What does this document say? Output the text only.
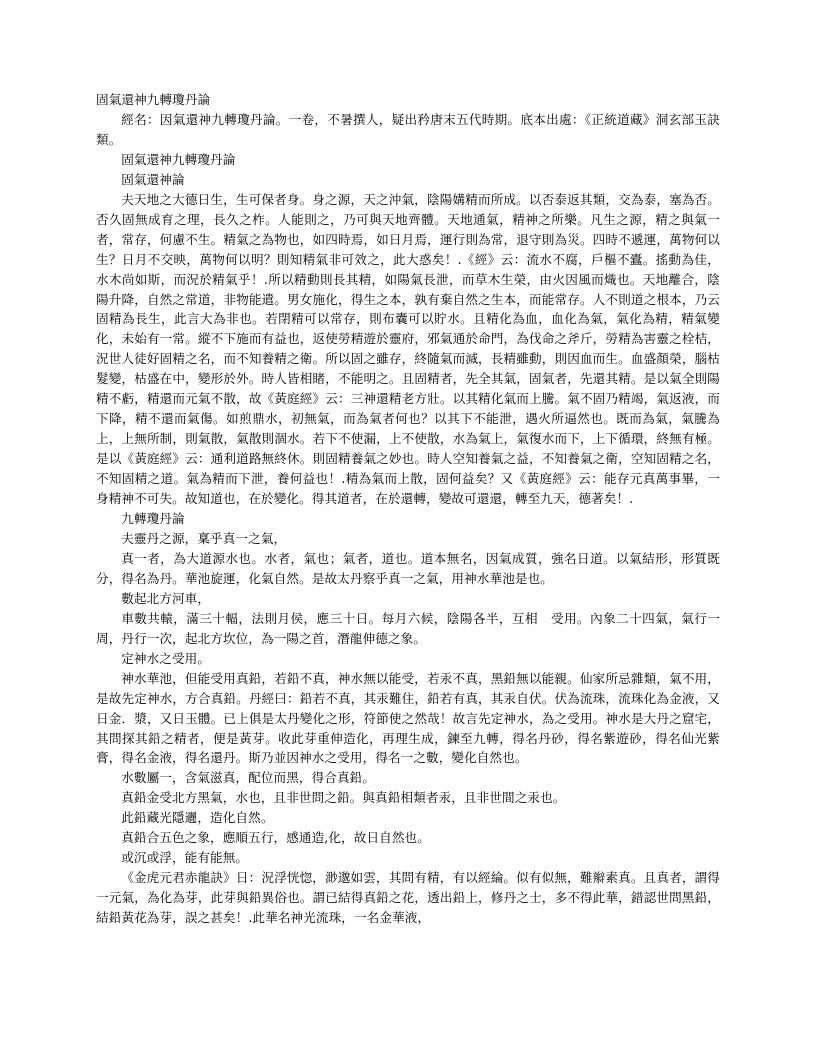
固氣還神九轉瓊丹論

經名：因氣還神九轉瓊丹論。一卷，不暑撰人，疑出矜唐末五代時期。底本出處：《正統道藏》洞玄部玉訣類。

固氣還神九轉瓊丹論

固氣還神論

夫天地之大德日生，生可保者身。身之源，天之沖氣，陰陽媾精而所成。以否泰返其類，交為泰，塞為否。否久固無成育之理，長久之柞。人能則之，乃可與天地齊體。天地通氣，精神之所樂。凡生之源，精之與氣一者，常存，何慮不生。精氣之為物也，如四時焉，如日月焉，運行則為常，退守則為災。四時不遞運，萬物何以生？日月不交映，萬物何以明？則知精氣非可效之，此大惑矣！.《經》云：流水不腐，戶樞不蠹。搖動為佳，水木尚如斯，而況於精氣乎！.所以精動則長其精，如陽氣長泄，而草木生榮，由火因風而熾也。天地離合，陰陽升降，自然之常道，非物能遣。男女施化，得生之本，孰有棄自然之生本，而能常存。人不則道之根本，乃云固精為長生，此言大為非也。若閉精可以常存，則布囊可以貯水。且精化為血，血化為氣，氣化為精，精氣變化，未始有一常。縱不下施而有益也，返使勞精遊於靈府，邪氣通於命門，為伐命之斧斤，勞精為害靈之栓桔，況世人徒好固精之名，而不知養精之衛。所以固之雖存，終隨氣而滅，長精雖動，則因血而生。血盛顏榮，腦枯髮變，枯盛在中，變形於外。時人皆相睹，不能明之。且固精者，先全其氣，固氣者，先還其精。是以氣全則陽精不虧，精還而元氣不散，故《黃庭經》云：三神還精老方壯。以其精化氣而上騰。氣不固乃精竭，氣返液，而下降，精不還而氣傷。如煎鼎水，初無氣，而為氣者何也？以其下不能泄，遇火所逼然也。既而為氣，氣騰為上，上無所制，則氣散，氣散則涸水。若下不使漏，上不使散，水為氣上，氣復水而下，上下循環，終無有極。是以《黃庭經》云：通利道路無終休。則固精養氣之妙也。時人空知養氣之益，不知養氣之衛，空知固精之名，不知固精之道。氣為精而下泄，養何益也！.精為氣而上散，固何益矣？又《黃庭經》云：能存元真萬事畢，一身精神不可失。故知道也，在於變化。得其道者，在於還轉，變故可還還，轉至九天，德著矣！.

九轉瓊丹論

夫靈丹之源，稟乎真一之氣，

真一者，為大道源水也。水者，氣也；氣者，道也。道本無名，因氣成質，強名日道。以氣結形，形質既分，得名為丹。華池旋運，化氣自然。是故太丹察乎真一之氣，用神水華池是也。

數起北方河車，

車數共轅，滿三十輻，法則月侯，應三十日。每月六候，陰陽各半，互相　受用。內象二十四氣，氣行一周，丹行一次，起北方坎位，為一陽之首，潛龍伸德之象。

定神水之受用。

神水華池，但能受用真鉛，若鉛不真，神水無以能受，若汞不真，黑鉛無以能親。仙家所忌雜類，氣不用，是故先定神水，方合真鉛。丹經曰：鉛若不真，其汞難住，鉛若有真，其汞自伏。伏為流珠，流珠化為金液，又日金．漿，又日玉體。已上俱是太丹變化之形，符節使之然哉！故言先定神水，為之受用。神水是大丹之窟宅，其問探其鉛之精者，便是黃芽。收此芽重伸造化，再理生成，鍊至九轉，得名丹砂，得名紫遊砂，得名仙光紫膏，得名金液，得名還丹。斯乃並因神水之受用，得名一之數，變化自然也。

水數屬一，含氣滋真，配位而黑，得合真鉛。

真鉛金受北方黑氣，水也，且非世問之鉛。與真鉛相類者汞，且非世間之汞也。

此鉛藏光隱邐，造化自然。

真鉛合五色之象，應順五行，感通造,化，故日自然也。

或沉或浮，能有能無。

《金虎元君赤龍訣》日：況浮恍惚，渺邈如雲，其問有精，有以經綸。似有似無，難辮素真。且真者，謂得一元氣，為化為芽，此芽與鉛異俗也。謂已結得真鉛之花，透出鉛上，修丹之士，多不得此華，錯認世問黑鉛，結鉛黃花為芽，誤之甚矣！.此華名神光流珠，一名金華液，
